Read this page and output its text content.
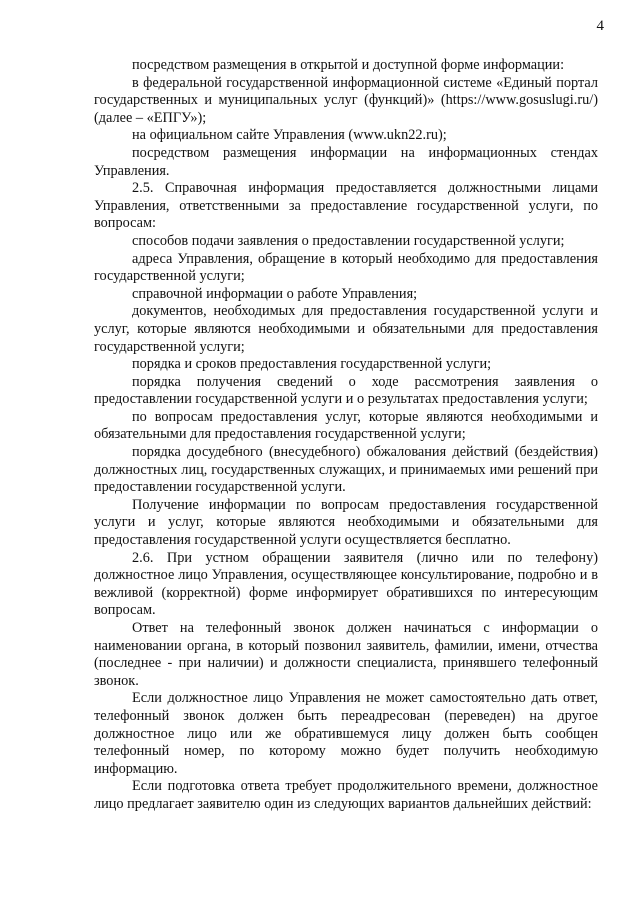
4

посредством размещения в открытой и доступной форме информации:

в федеральной государственной информационной системе «Единый портал государственных и муниципальных услуг (функций)» (https://www.gosuslugi.ru/) (далее – «ЕПГУ»);

на официальном сайте Управления (www.ukn22.ru);

посредством размещения информации на информационных стендах Управления.

2.5. Справочная информация предоставляется должностными лицами Управления, ответственными за предоставление государственной услуги, по вопросам:

способов подачи заявления о предоставлении государственной услуги;

адреса Управления, обращение в который необходимо для предоставления государственной услуги;

справочной информации о работе Управления;

документов, необходимых для предоставления государственной услуги и услуг, которые являются необходимыми и обязательными для предоставления государственной услуги;

порядка и сроков предоставления государственной услуги;

порядка получения сведений о ходе рассмотрения заявления о предоставлении государственной услуги и о результатах предоставления услуги;

по вопросам предоставления услуг, которые являются необходимыми и обязательными для предоставления государственной услуги;

порядка досудебного (внесудебного) обжалования действий (бездействия) должностных лиц, государственных служащих, и принимаемых ими решений при предоставлении государственной услуги.

Получение информации по вопросам предоставления государственной услуги и услуг, которые являются необходимыми и обязательными для предоставления государственной услуги осуществляется бесплатно.

2.6. При устном обращении заявителя (лично или по телефону) должностное лицо Управления, осуществляющее консультирование, подробно и в вежливой (корректной) форме информирует обратившихся по интересующим вопросам.

Ответ на телефонный звонок должен начинаться с информации о наименовании органа, в который позвонил заявитель, фамилии, имени, отчества (последнее - при наличии) и должности специалиста, принявшего телефонный звонок.

Если должностное лицо Управления не может самостоятельно дать ответ, телефонный звонок должен быть переадресован (переведен) на другое должностное лицо или же обратившемуся лицу должен быть сообщен телефонный номер, по которому можно будет получить необходимую информацию.

Если подготовка ответа требует продолжительного времени, должностное лицо предлагает заявителю один из следующих вариантов дальнейших действий:
